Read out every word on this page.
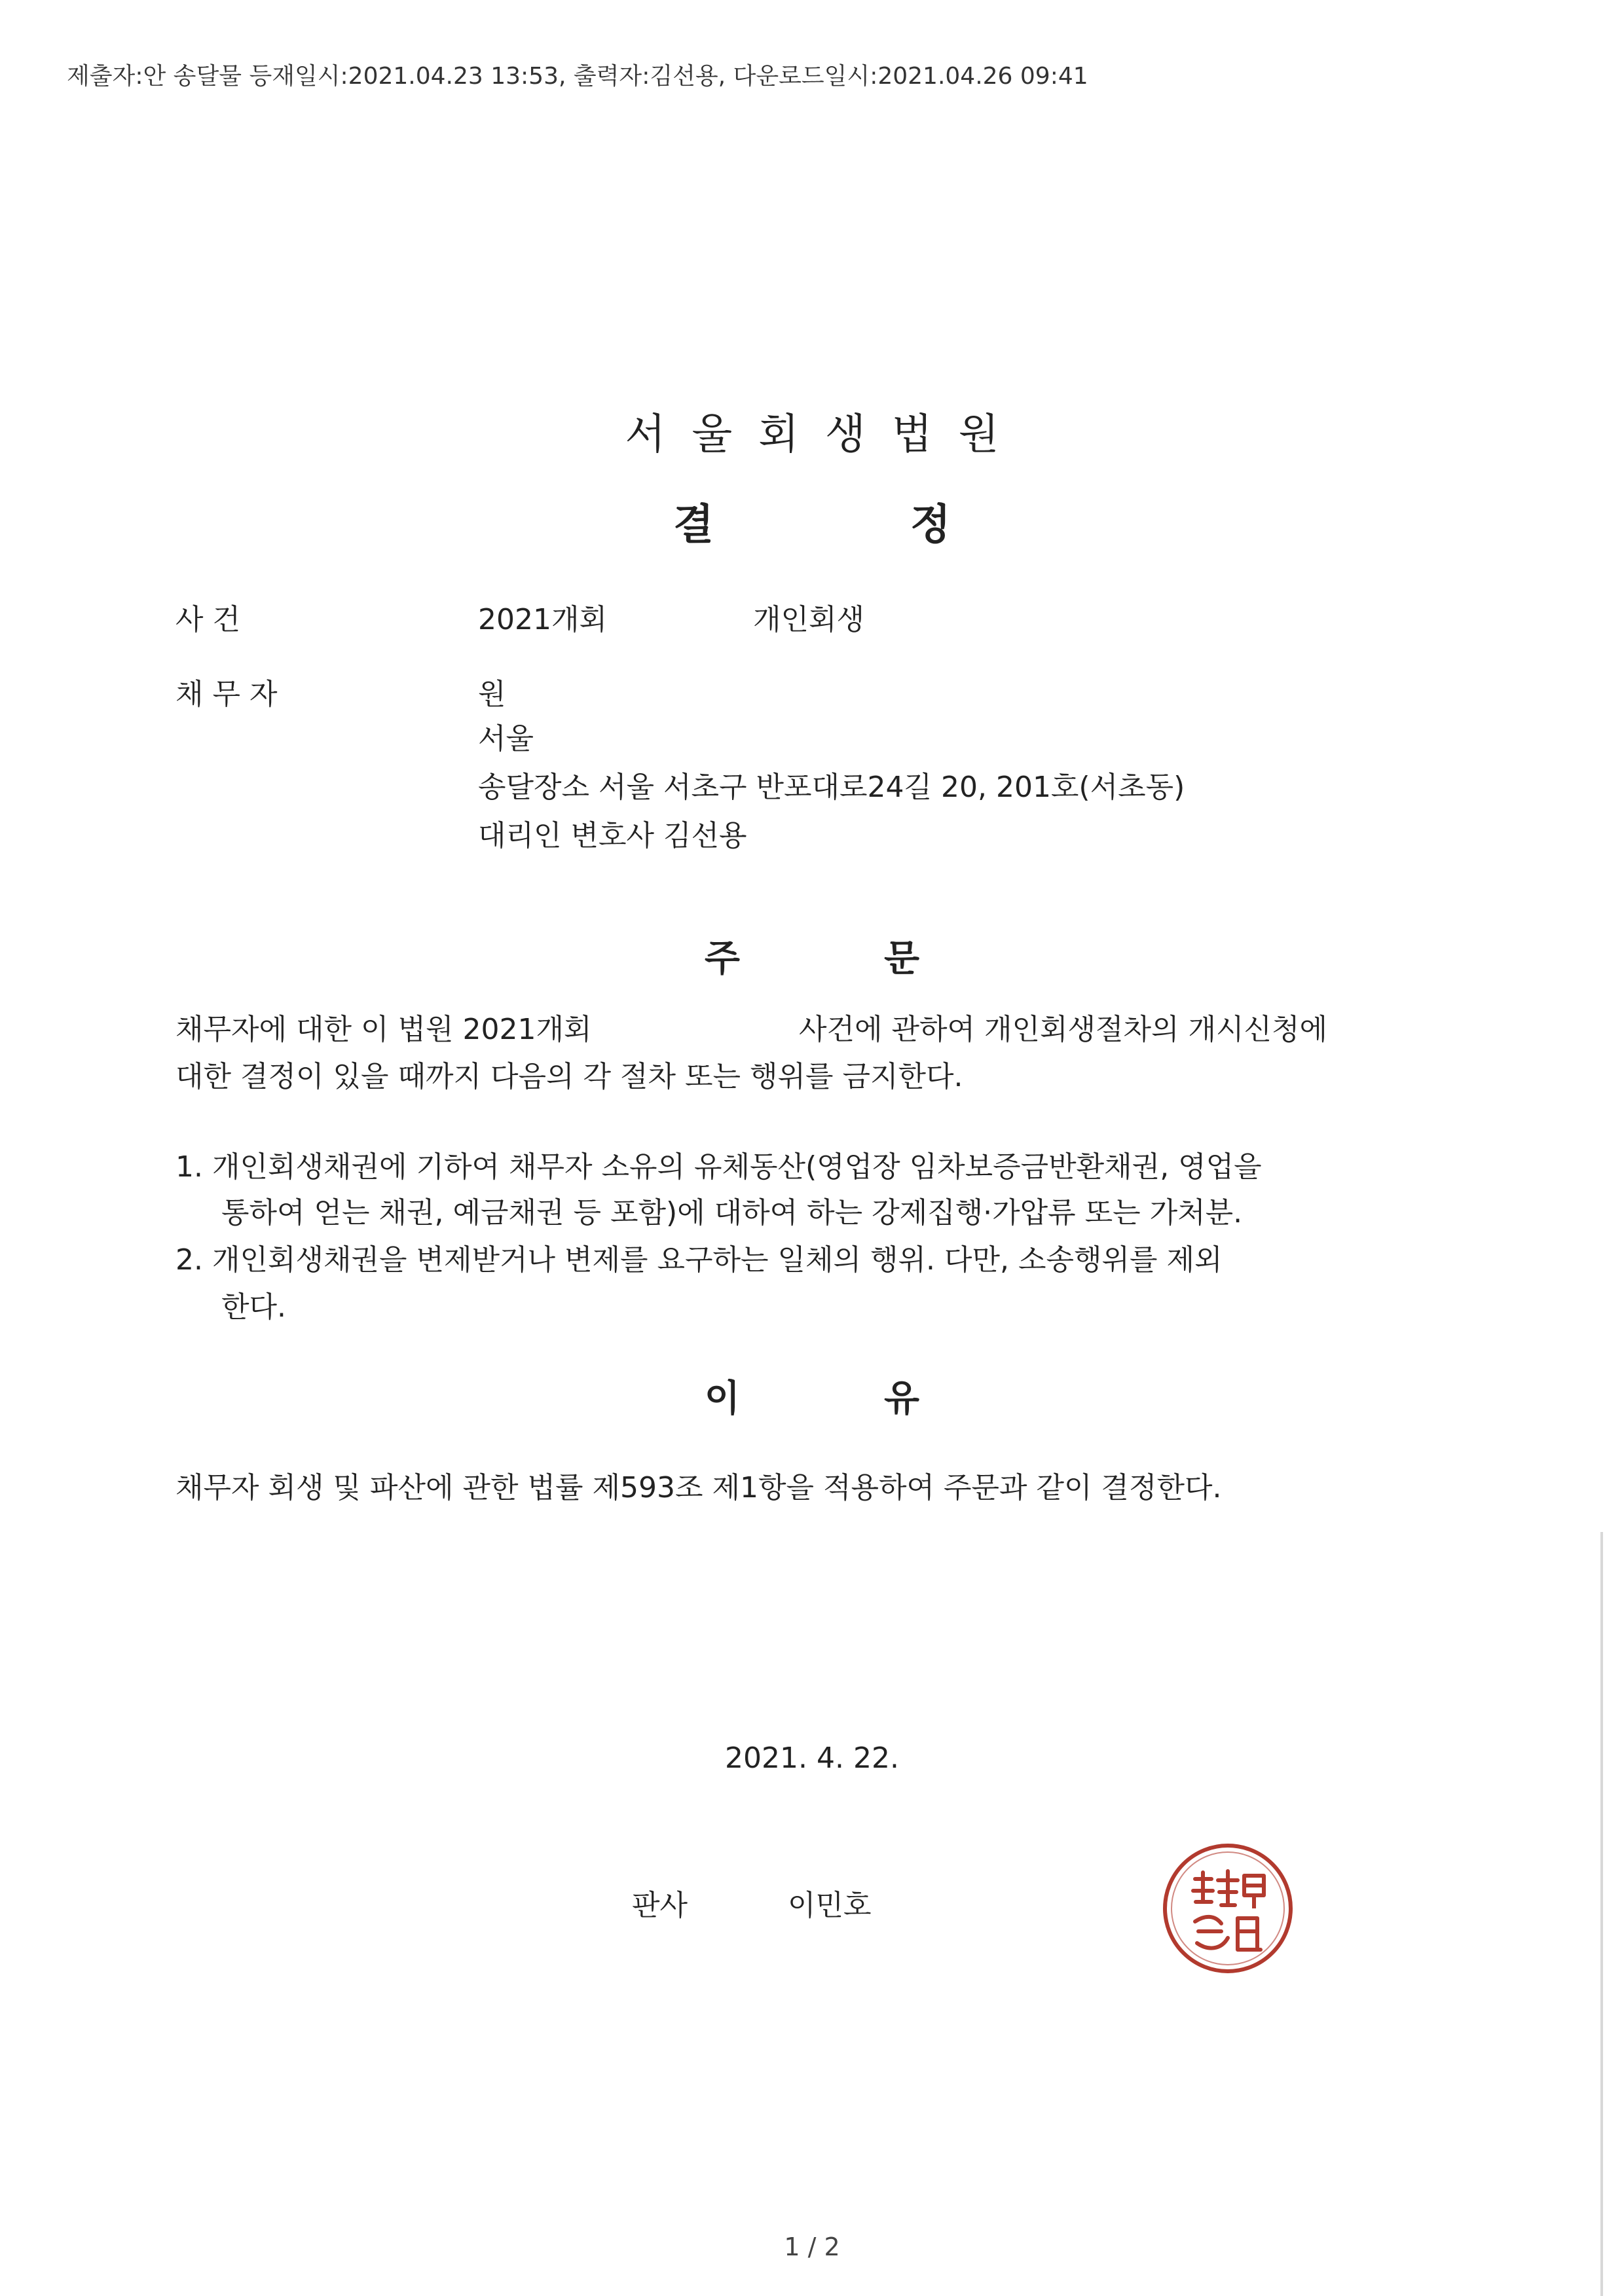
제출자:안 송달물 등재일시:2021.04.23 13:53, 출력자:김선용, 다운로드일시:2021.04.26 09:41
서울회생법원
결	정
사 건	2021개회	개인회생
채 무 자	원
서울
송달장소 서울 서초구 반포대로24길 20, 201호(서초동)
대리인 변호사 김선용
주	문
채무자에 대한 이 법원 2021개회	사건에 관하여 개인회생절차의 개시신청에
대한 결정이 있을 때까지 다음의 각 절차 또는 행위를 금지한다.
1. 개인회생채권에 기하여 채무자 소유의 유체동산(영업장 임차보증금반환채권, 영업을
통하여 얻는 채권, 예금채권 등 포함)에 대하여 하는 강제집행·가압류 또는 가처분.
2. 개인회생채권을 변제받거나 변제를 요구하는 일체의 행위. 다만, 소송행위를 제외
한다.
이	유
채무자 회생 및 파산에 관한 법률 제593조 제1항을 적용하여 주문과 같이 결정한다.
2021. 4. 22.
판사	이민호
1 / 2
